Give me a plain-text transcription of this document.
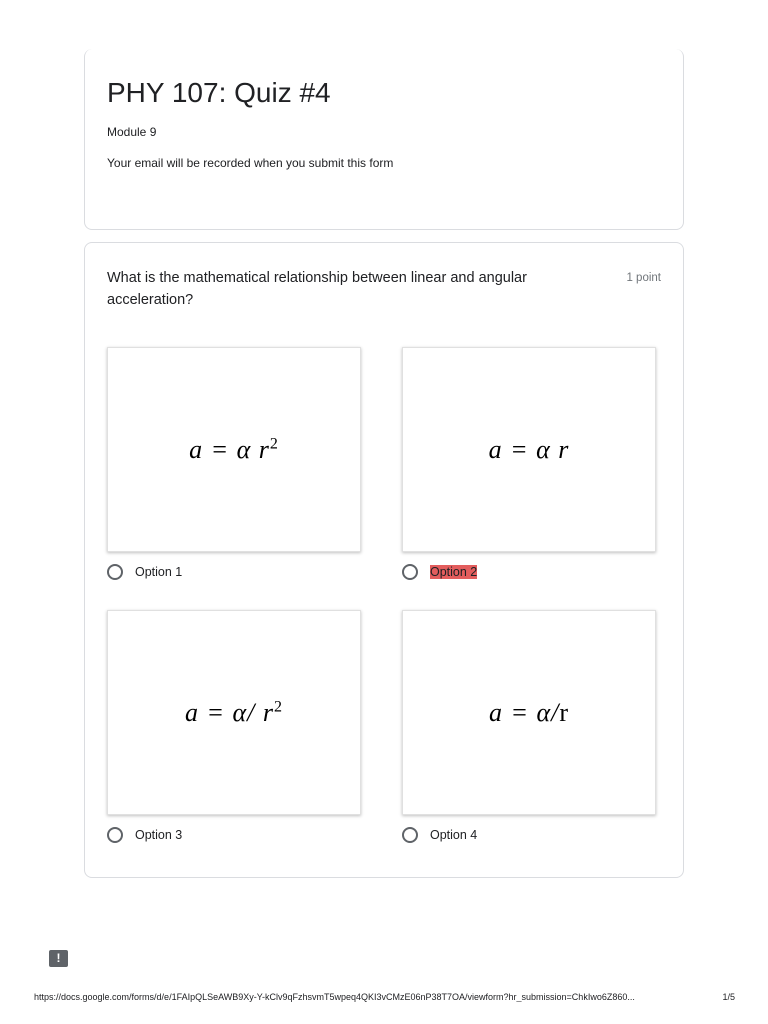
PHY 107: Quiz #4
Module 9
Your email will be recorded when you submit this form
What is the mathematical relationship between linear and angular acceleration?
1 point
a = α $r^2$
Option 1
a = α r
Option 2
a = α/ $r^2$
Option 3
a = α/r
Option 4
!
https://docs.google.com/forms/d/e/1FAIpQLSeAWB9Xy-Y-kClv9qFzhsvmT5wpeq4QKI3vCMzE06nP38T7OA/viewform?hr_submission=ChkIwo6Z860...	1/5
